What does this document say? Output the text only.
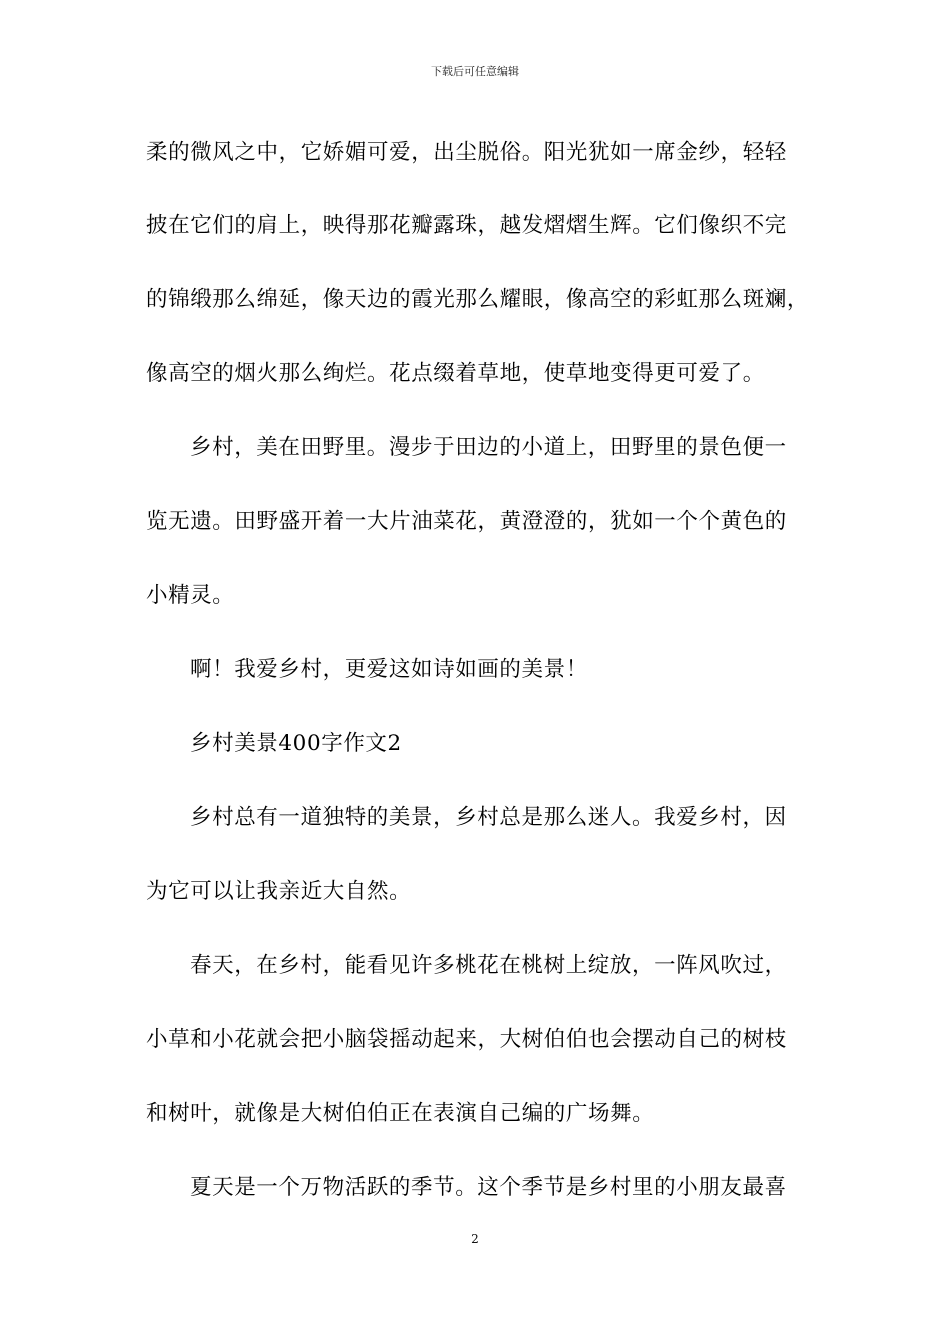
下载后可任意编辑
柔的微风之中，它娇媚可爱，出尘脱俗。阳光犹如一席金纱，轻轻
披在它们的肩上，映得那花瓣露珠，越发熠熠生辉。它们像织不完
的锦缎那么绵延，像天边的霞光那么耀眼，像高空的彩虹那么斑斓，
像高空的烟火那么绚烂。花点缀着草地，使草地变得更可爱了。
乡村，美在田野里。漫步于田边的小道上，田野里的景色便一
览无遗。田野盛开着一大片油菜花，黄澄澄的，犹如一个个黄色的
小精灵。
啊！我爱乡村，更爱这如诗如画的美景！
乡村美景400字作文2
乡村总有一道独特的美景，乡村总是那么迷人。我爱乡村，因
为它可以让我亲近大自然。
春天，在乡村，能看见许多桃花在桃树上绽放，一阵风吹过，
小草和小花就会把小脑袋摇动起来，大树伯伯也会摆动自己的树枝
和树叶，就像是大树伯伯正在表演自己编的广场舞。
夏天是一个万物活跃的季节。这个季节是乡村里的小朋友最喜
2
